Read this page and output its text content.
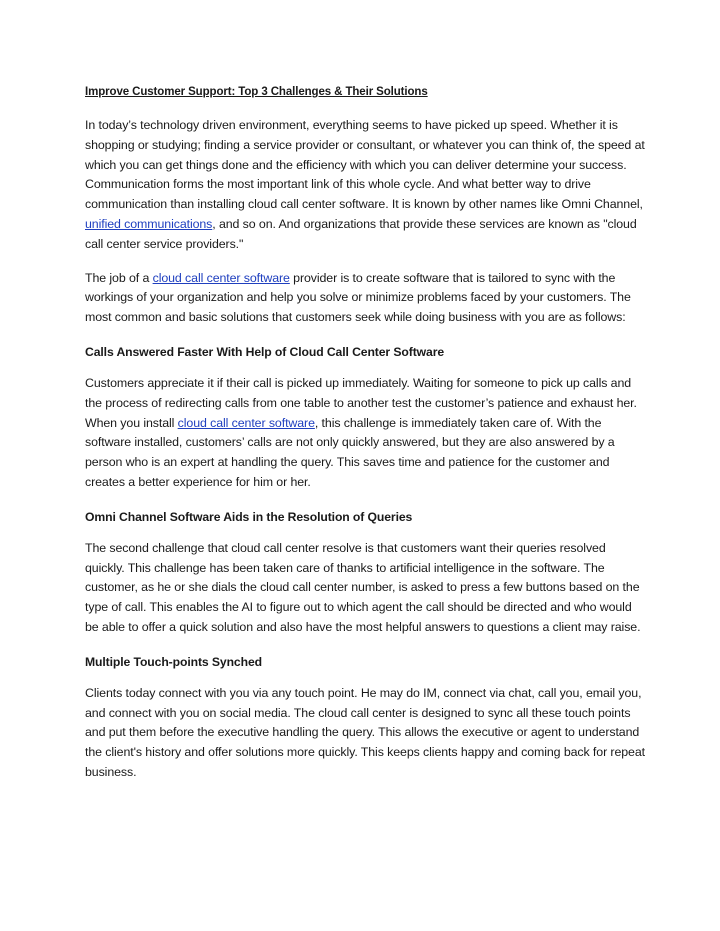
Improve Customer Support: Top 3 Challenges & Their Solutions

In today’s technology driven environment, everything seems to have picked up speed. Whether it is shopping or studying; finding a service provider or consultant, or whatever you can think of, the speed at which you can get things done and the efficiency with which you can deliver determine your success. Communication forms the most important link of this whole cycle. And what better way to drive communication than installing cloud call center software. It is known by other names like Omni Channel, unified communications, and so on. And organizations that provide these services are known as "cloud call center service providers."

The job of a cloud call center software provider is to create software that is tailored to sync with the workings of your organization and help you solve or minimize problems faced by your customers. The most common and basic solutions that customers seek while doing business with you are as follows:

Calls Answered Faster With Help of Cloud Call Center Software

Customers appreciate it if their call is picked up immediately. Waiting for someone to pick up calls and the process of redirecting calls from one table to another test the customer’s patience and exhaust her. When you install cloud call center software, this challenge is immediately taken care of. With the software installed, customers’ calls are not only quickly answered, but they are also answered by a person who is an expert at handling the query. This saves time and patience for the customer and creates a better experience for him or her.

Omni Channel Software Aids in the Resolution of Queries

The second challenge that cloud call center resolve is that customers want their queries resolved quickly. This challenge has been taken care of thanks to artificial intelligence in the software. The customer, as he or she dials the cloud call center number, is asked to press a few buttons based on the type of call. This enables the AI to figure out to which agent the call should be directed and who would be able to offer a quick solution and also have the most helpful answers to questions a client may raise.

Multiple Touch-points Synched

Clients today connect with you via any touch point. He may do IM, connect via chat, call you, email you, and connect with you on social media. The cloud call center is designed to sync all these touch points and put them before the executive handling the query. This allows the executive or agent to understand the client's history and offer solutions more quickly. This keeps clients happy and coming back for repeat business.
